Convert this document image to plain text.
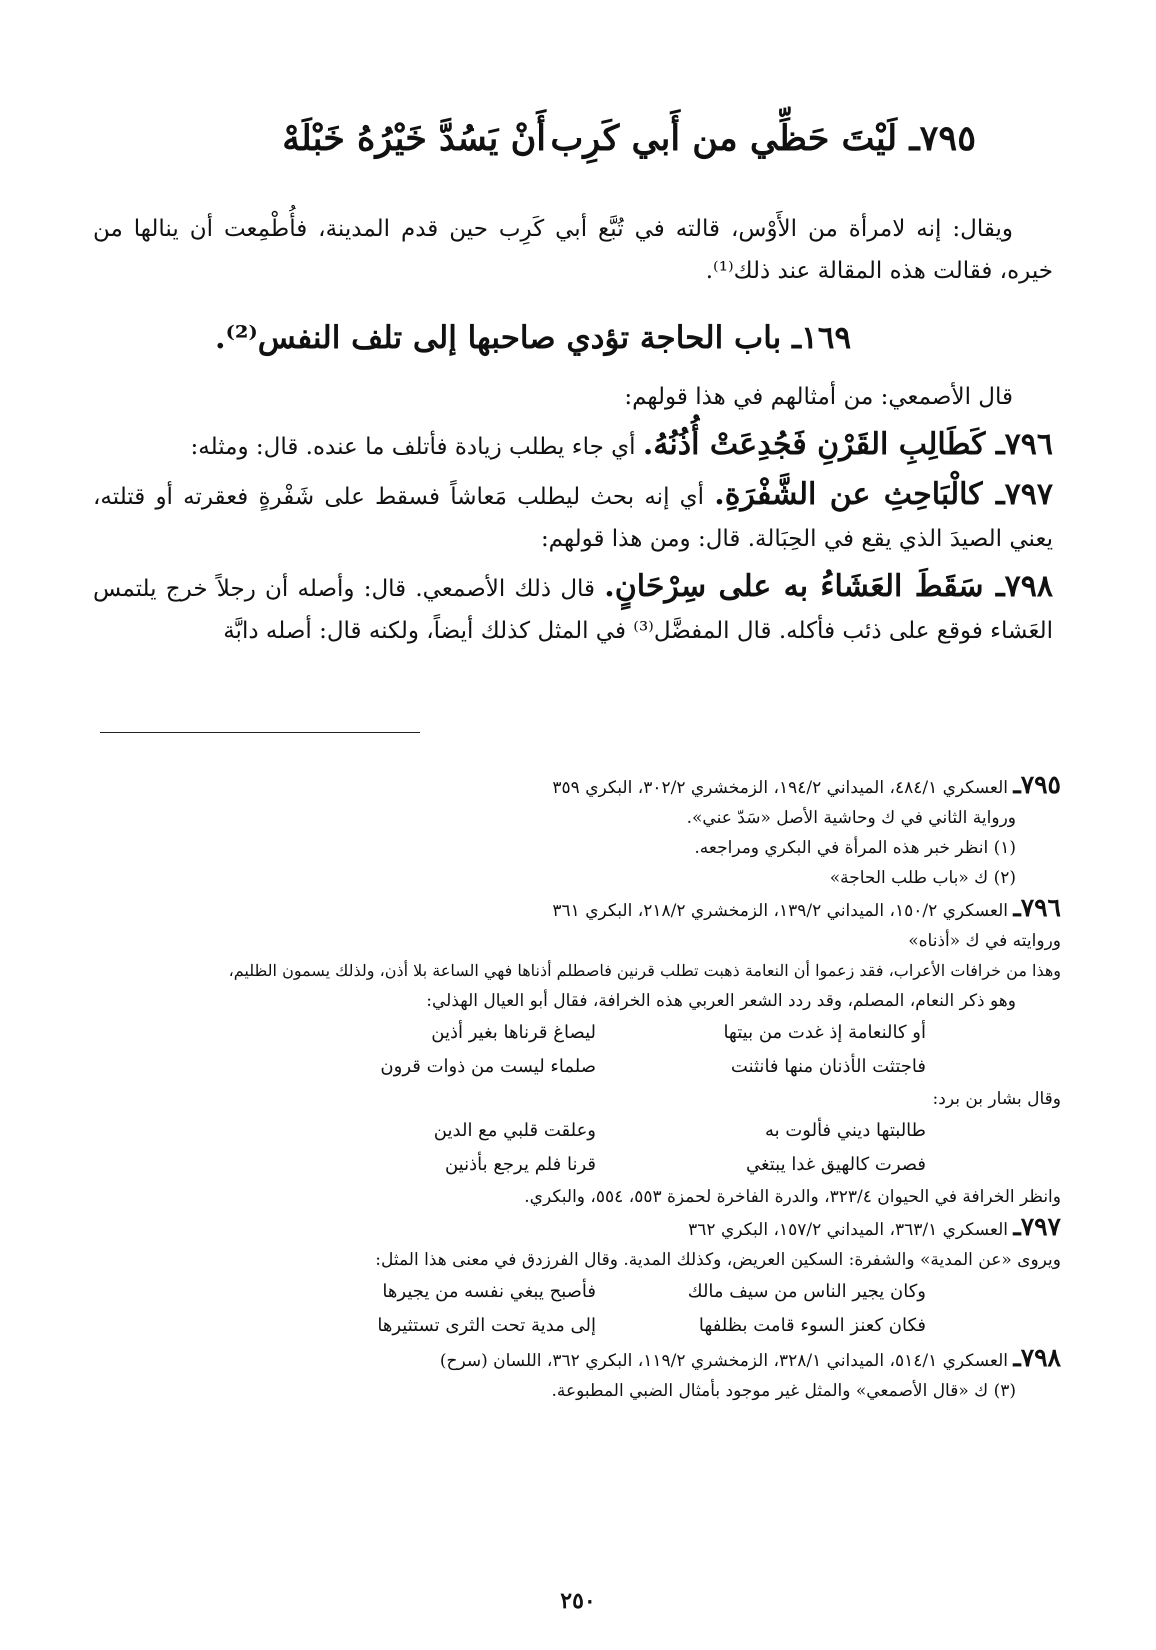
٧٩٥ـ لَيْتَ حَظِّي من أَبي كَرِب
أَنْ يَسُدَّ خَيْرُهُ خَبْلَهْ

ويقال: إنه لامرأة من الأَوْس، قالته في تُبَّع أبي كَرِب حين قدم المدينة، فأُطْمِعت أن ينالها من خيره، فقالت هذه المقالة عند ذلك⁽¹⁾.

١٦٩ـ باب الحاجة تؤدي صاحبها إلى تلف النفس⁽²⁾.

قال الأصمعي: من أمثالهم في هذا قولهم:

٧٩٦ـ كَطَالِبِ القَرْنِ فَجُدِعَتْ أُذُنُهُ. أي جاء يطلب زيادة فأتلف ما عنده. قال: ومثله:

٧٩٧ـ كالْبَاحِثِ عن الشَّفْرَةِ. أي إنه بحث ليطلب مَعاشاً فسقط على شَفْرةٍ فعقرته أو قتلته، يعني الصيدَ الذي يقع في الحِبَالة. قال: ومن هذا قولهم:

٧٩٨ـ سَقَطَ العَشَاءُ به على سِرْحَانٍ. قال ذلك الأصمعي. قال: وأصله أن رجلاً خرج يلتمس العَشاء فوقع على ذئب فأكله. قال المفضَّل⁽³⁾ في المثل كذلك أيضاً، ولكنه قال: أصله دابَّة

٧٩٥ـ العسكري ٤٨٤/١، الميداني ١٩٤/٢، الزمخشري ٣٠٢/٢، البكري ٣٥٩

ورواية الثاني في ك وحاشية الأصل «سَدّ عني».

(١) انظر خبر هذه المرأة في البكري ومراجعه.

(٢) ك «باب طلب الحاجة»

٧٩٦ـ العسكري ١٥٠/٢، الميداني ١٣٩/٢، الزمخشري ٢١٨/٢، البكري ٣٦١

وروايته في ك «أذناه»

وهذا من خرافات الأعراب، فقد زعموا أن النعامة ذهبت تطلب قرنين فاصطلم أذناها فهي الساعة بلا أذن، ولذلك يسمون الظليم،

وهو ذكر النعام، المصلم، وقد ردد الشعر العربي هذه الخرافة، فقال أبو العيال الهذلي:

أو كالنعامة إذ غدت من بيتها
ليصاغ قرناها بغير أذين
فاجتثت الأذنان منها فانثنت
صلماء ليست من ذوات قرون

وقال بشار بن برد:

طالبتها ديني فألوت به
وعلقت قلبي مع الدين
فصرت كالهيق غدا يبتغي
قرنا فلم يرجع بأذنين

وانظر الخرافة في الحيوان ٣٢٣/٤، والدرة الفاخرة لحمزة ٥٥٣، ٥٥٤، والبكري.

٧٩٧ـ العسكري ٣٦٣/١، الميداني ١٥٧/٢، البكري ٣٦٢

ويروى «عن المدية» والشفرة: السكين العريض، وكذلك المدية. وقال الفرزدق في معنى هذا المثل:

وكان يجير الناس من سيف مالك
فأصبح يبغي نفسه من يجيرها
فكان كعنز السوء قامت بظلفها
إلى مدية تحت الثرى تستثيرها

٧٩٨ـ العسكري ٥١٤/١، الميداني ٣٢٨/١، الزمخشري ١١٩/٢، البكري ٣٦٢، اللسان (سرح)

(٣) ك «قال الأصمعي» والمثل غير موجود بأمثال الضبي المطبوعة.

٢٥٠
